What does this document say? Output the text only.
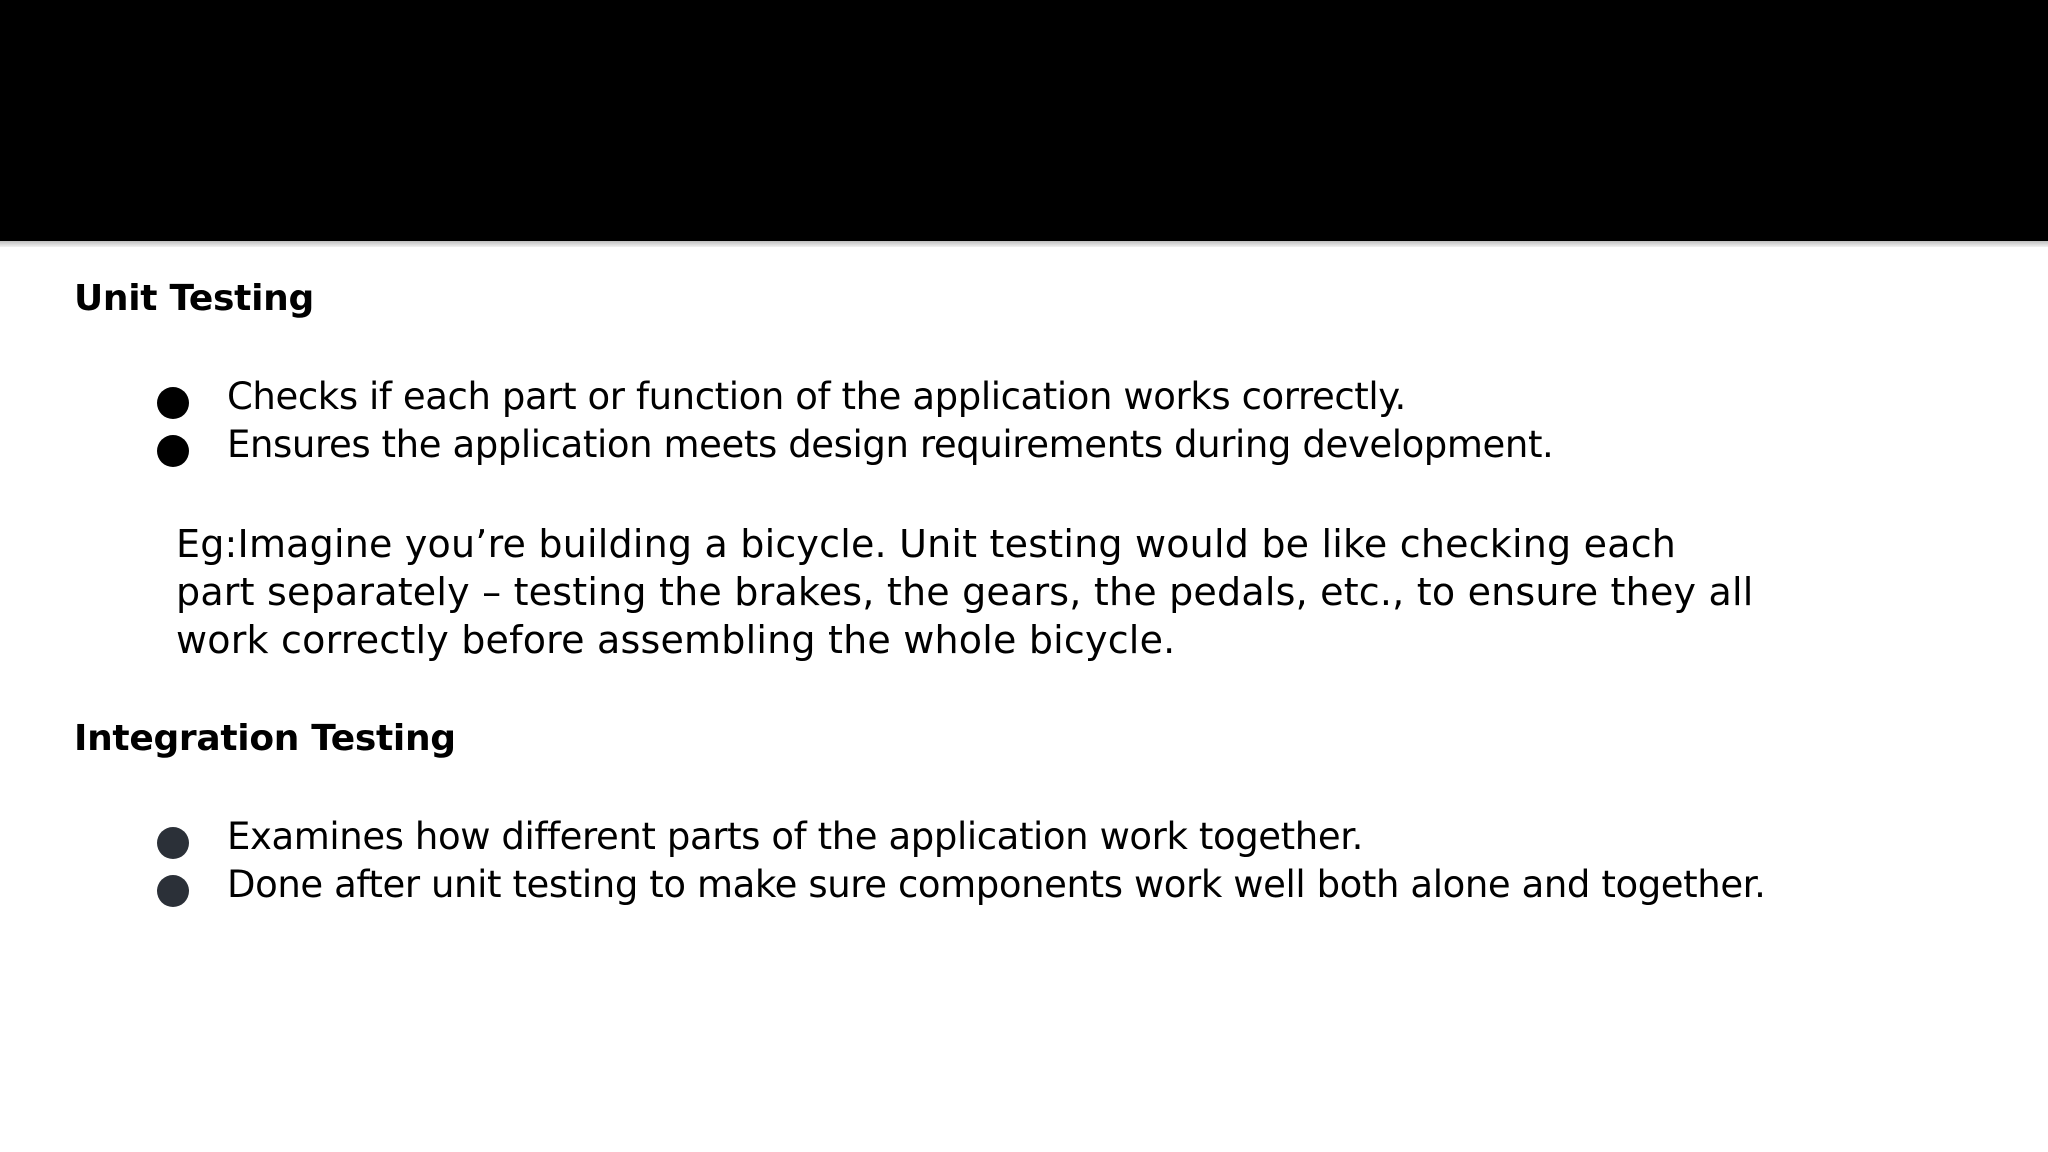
Unit Testing
Checks if each part or function of the application works correctly.
Ensures the application meets design requirements during development.

Eg:Imagine you’re building a bicycle. Unit testing would be like checking each
part separately – testing the brakes, the gears, the pedals, etc., to ensure they all
work correctly before assembling the whole bicycle.

Integration Testing
Examines how different parts of the application work together.
Done after unit testing to make sure components work well both alone and together.
